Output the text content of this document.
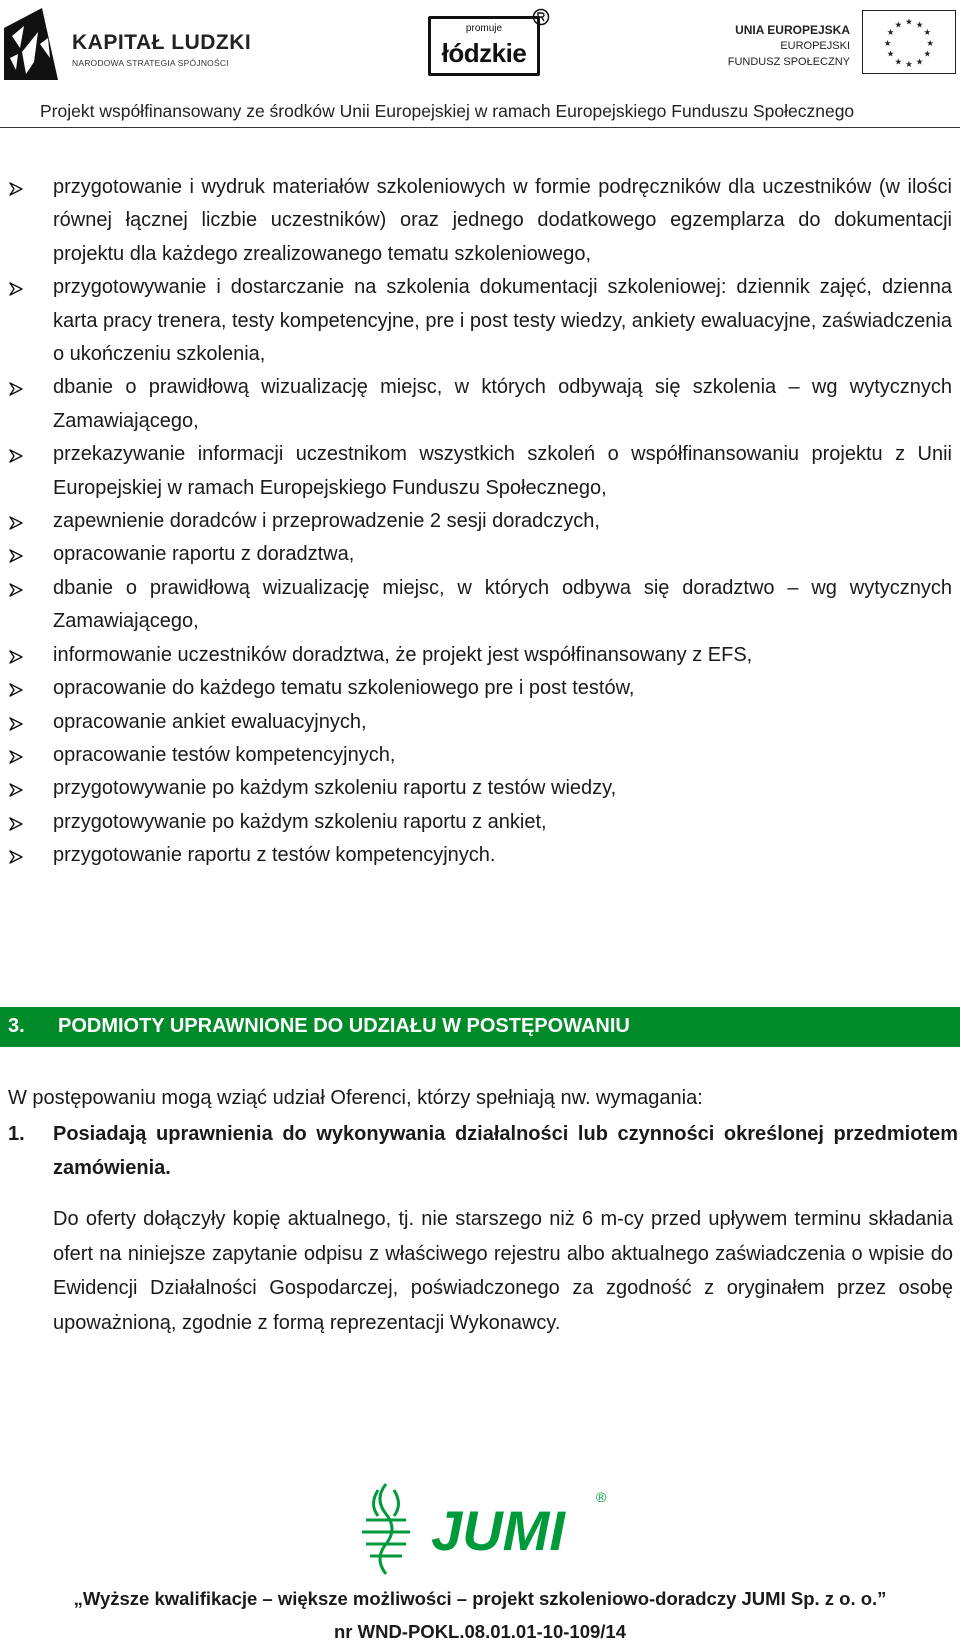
KAPITAŁ LUDZKI
NARODOWA STRATEGIA SPÓJNOŚCI
promuje
łódzkie
UNIA EUROPEJSKA
EUROPEJSKI
FUNDUSZ SPOŁECZNY
★ ★
★
★
★
★
★
★
★
★
★
★
Projekt współfinansowany ze środków Unii Europejskiej w ramach Europejskiego Funduszu Społecznego
przygotowanie i wydruk materiałów szkoleniowych w formie podręczników dla uczestników (w ilości równej łącznej liczbie uczestników) oraz jednego dodatkowego egzemplarza do dokumentacji projektu dla każdego zrealizowanego tematu szkoleniowego,
przygotowywanie i dostarczanie na szkolenia dokumentacji szkoleniowej: dziennik zajęć, dzienna karta pracy trenera, testy kompetencyjne, pre i post testy wiedzy, ankiety ewaluacyjne, zaświadczenia o ukończeniu szkolenia,
dbanie o prawidłową wizualizację miejsc, w których odbywają się szkolenia – wg wytycznych Zamawiającego,
przekazywanie informacji uczestnikom wszystkich szkoleń o współfinansowaniu projektu z Unii Europejskiej w ramach Europejskiego Funduszu Społecznego,
zapewnienie doradców i przeprowadzenie 2 sesji doradczych,
opracowanie raportu z doradztwa,
dbanie o prawidłową wizualizację miejsc, w których odbywa się doradztwo – wg wytycznych Zamawiającego,
informowanie uczestników doradztwa, że projekt jest współfinansowany z EFS,
opracowanie do każdego tematu szkoleniowego pre i post testów,
opracowanie ankiet ewaluacyjnych,
opracowanie testów kompetencyjnych,
przygotowywanie po każdym szkoleniu raportu z testów wiedzy,
przygotowywanie po każdym szkoleniu raportu z ankiet,
przygotowanie raportu z testów kompetencyjnych.
3. PODMIOTY UPRAWNIONE DO UDZIAŁU W POSTĘPOWANIU
W postępowaniu mogą wziąć udział Oferenci, którzy spełniają nw. wymagania:
1. Posiadają uprawnienia do wykonywania działalności lub czynności określonej przedmiotem zamówienia.
Do oferty dołączyły kopię aktualnego, tj. nie starszego niż 6 m-cy przed upływem terminu składania ofert na niniejsze zapytanie odpisu z właściwego rejestru albo aktualnego zaświadczenia o wpisie do Ewidencji Działalności Gospodarczej, poświadczonego za zgodność z oryginałem przez osobę upoważnioną, zgodnie z formą reprezentacji Wykonawcy.
JUMI
®
„Wyższe kwalifikacje – większe możliwości – projekt szkoleniowo-doradczy JUMI Sp. z o. o.”
nr WND-POKL.08.01.01-10-109/14
